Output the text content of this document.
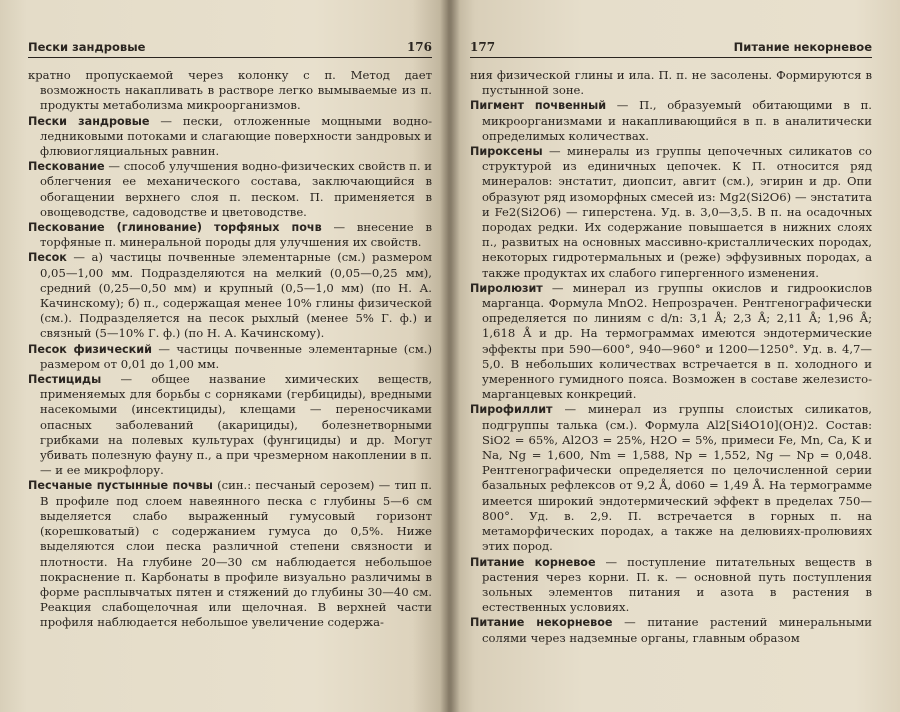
Пески зандровые	176

кратно пропускаемой через колонку с п. Метод дает возможность накапливать в растворе легко вымываемые из п. продукты метаболизма микроорганизмов.

Пески зандровые — пески, отложенные мощными водно-ледниковыми потоками и слагающие поверхности зандровых и флювиогляциальных равнин.

Пескование — способ улучшения водно-физических свойств п. и облегчения ее механического состава, заключающийся в обогащении верхнего слоя п. песком. П. применяется в овощеводстве, садоводстве и цветоводстве.

Пескование (глинование) торфяных почв — внесение в торфяные п. минеральной породы для улучшения их свойств.

Песок — а) частицы почвенные элементарные (см.) размером 0,05—1,00 мм. Подразделяются на мелкий (0,05—0,25 мм), средний (0,25—0,50 мм) и крупный (0,5—1,0 мм) (по Н. А. Качинскому); б) п., содержащая менее 10% глины физической (см.). Подразделяется на песок рыхлый (менее 5% Г. ф.) и связный (5—10% Г. ф.) (по Н. А. Качинскому).

Песок физический — частицы почвенные элементарные (см.) размером от 0,01 до 1,00 мм.

Пестициды — общее название химических веществ, применяемых для борьбы с сорняками (гербициды), вредными насекомыми (инсектициды), клещами — переносчиками опасных заболеваний (акарициды), болезнетворными грибками на полевых культурах (фунгициды) и др. Могут убивать полезную фауну п., а при чрезмерном накоплении в п. — и ее микрофлору.

Песчаные пустынные почвы (син.: песчаный серозем) — тип п. В профиле под слоем навеянного песка с глубины 5—6 см выделяется слабо выраженный гумусовый горизонт (корешковатый) с содержанием гумуса до 0,5%. Ниже выделяются слои песка различной степени связности и плотности. На глубине 20—30 см наблюдается небольшое покраснение п. Карбонаты в профиле визуально различимы в форме расплывчатых пятен и стяжений до глубины 30—40 см. Реакция слабощелочная или щелочная. В верхней части профиля наблюдается небольшое увеличение содержа-

177	Питание некорневое

ния физической глины и ила. П. п. не засолены. Формируются в пустынной зоне.

Пигмент почвенный — П., образуемый обитающими в п. микроорганизмами и накапливающийся в п. в аналитически определимых количествах.

Пироксены — минералы из группы цепочечных силикатов со структурой из единичных цепочек. К П. относится ряд минералов: энстатит, диопсит, авгит (см.), эгирин и др. Опи образуют ряд изоморфных смесей из: Mg2(Si2O6) — энстатита и Fe2(Si2O6) — гиперстена. Уд. в. 3,0—3,5. В п. на осадочных породах редки. Их содержание повышается в нижних слоях п., развитых на основных массивно-кристаллических породах, некоторых гидротермальных и (реже) эффузивных породах, а также продуктах их слабого гипергенного изменения.

Пиролюзит — минерал из группы окислов и гидроокислов марганца. Формула MnO2. Непрозрачен. Рентгенографически определяется по линиям с d/n: 3,1 Å; 2,3 Å; 2,11 Å; 1,96 Å; 1,618 Å и др. На термограммах имеются эндотермические эффекты при 590—600°, 940—960° и 1200—1250°. Уд. в. 4,7—5,0. В небольших количествах встречается в п. холодного и умеренного гумидного пояса. Возможен в составе железисто-марганцевых конкреций.

Пирофиллит — минерал из группы слоистых силикатов, подгруппы талька (см.). Формула Al2[Si4O10](OH)2. Состав: SiO2 = 65%, Al2O3 = 25%, H2O = 5%, примеси Fe, Mn, Ca, K и Na, Ng = 1,600, Nm = 1,588, Np = 1,552, Ng — Np = 0,048. Рентгенографически определяется по целочисленной серии базальных рефлексов от 9,2 Å, d060 = 1,49 Å. На термограмме имеется широкий эндотермический эффект в пределах 750—800°. Уд. в. 2,9. П. встречается в горных п. на метаморфических породах, а также на делювиях-пролювиях этих пород.

Питание корневое — поступление питательных веществ в растения через корни. П. к. — основной путь поступления зольных элементов питания и азота в растения в естественных условиях.

Питание некорневое — питание растений минеральными солями через надземные органы, главным образом
